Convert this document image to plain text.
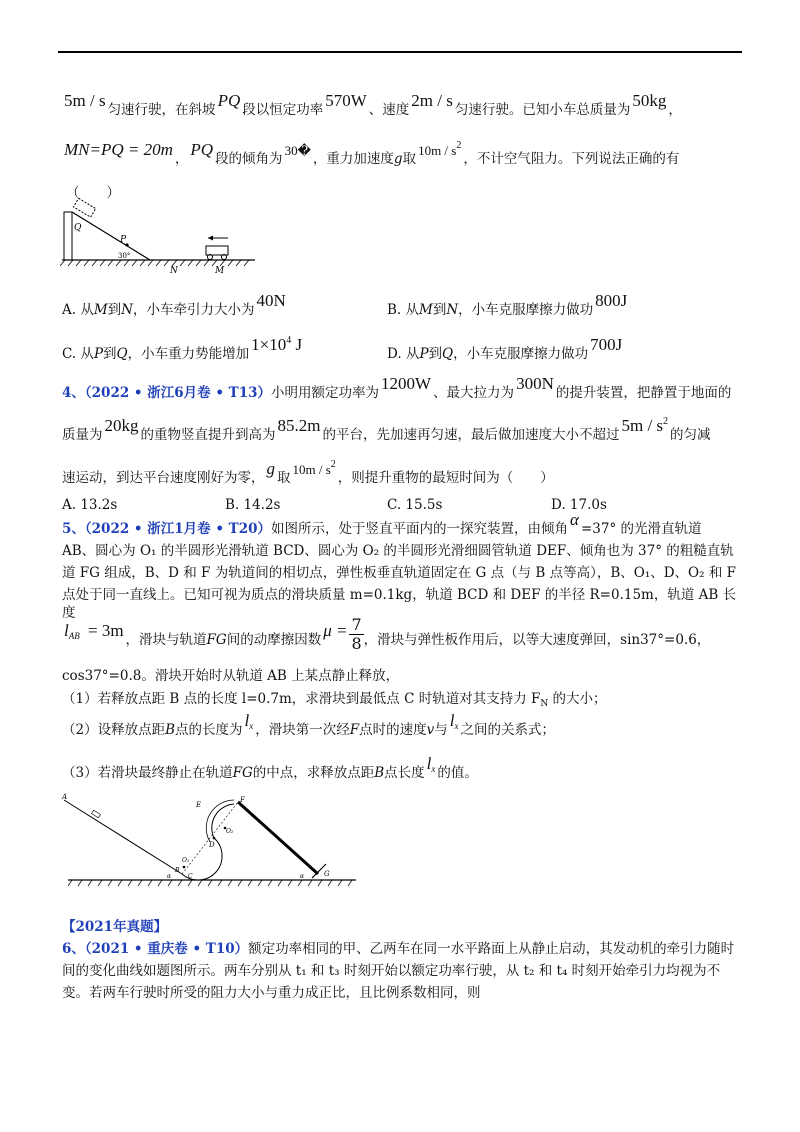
5m / s 匀速行驶，在斜坡 PQ 段以恒定功率 570W 、速度 2m / s 匀速行驶。已知小车总质量为 50kg ，
MN=PQ = 20m ， PQ 段的倾角为30�，重力加速度g取$10m / s^2$，不计空气阻力。下列说法正确的有
（　　）
Q
P
30°
N	M
A. 从M到N，小车牵引力大小为 40N	B. 从M到N，小车克服摩擦力做功 800J
C. 从P到Q，小车重力势能增加 $1\times 10^4$ J	D. 从P到Q，小车克服摩擦力做功 700J
4、（2022 • 浙江6月卷 • T13）小明用额定功率为 1200W 、最大拉力为 300N 的提升装置，把静置于地面的
质量为 20kg 的重物竖直提升到高为 85.2m 的平台，先加速再匀速，最后做加速度大小不超过 $5m / s^2$的匀减
速运动，到达平台速度刚好为零， g 取$10m / s^2$，则提升重物的最短时间为（　　）
A. 13.2s	B. 14.2s	C. 15.5s	D. 17.0s
5、（2022 • 浙江1月卷 • T20）如图所示，处于竖直平面内的一探究装置，由倾角 α =37° 的光滑直轨道
AB、圆心为 O₁ 的半圆形光滑轨道 BCD、圆心为 O₂ 的半圆形光滑细圆管轨道 DEF、倾角也为 37° 的粗糙直轨
道 FG 组成，B、D 和 F 为轨道间的相切点，弹性板垂直轨道固定在 G 点（与 B 点等高），B、O₁、D、O₂ 和 F
点处于同一直线上。已知可视为质点的滑块质量 m=0.1kg，轨道 BCD 和 DEF 的半径 R=0.15m，轨道 AB 长度
$l_{AB} = 3m$ ，滑块与轨道FG间的动摩擦因数 $\mu = \frac{7}{8}$ ，滑块与弹性板作用后，以等大速度弹回，sin37°=0.6，
cos37°=0.8。滑块开始时从轨道 AB 上某点静止释放，
（1）若释放点距 B 点的长度 l=0.7m，求滑块到最低点 C 时轨道对其支持力 $F_N$ 的大小；
（2）设释放点距B点的长度为 $l_x$ ，滑块第一次经F点时的速度v与 $l_x$ 之间的关系式；
（3）若滑块最终静止在轨道FG的中点，求释放点距B点长度 $l_x$ 的值。
A
E
F
O₂
D
O₁
B
C
α	α	G
【2021年真题】
6、（2021 • 重庆卷 • T10）额定功率相同的甲、乙两车在同一水平路面上从静止启动，其发动机的牵引力随时
间的变化曲线如题图所示。两车分别从 t₁ 和 t₃ 时刻开始以额定功率行驶，从 t₂ 和 t₄ 时刻开始牵引力均视为不
变。若两车行驶时所受的阻力大小与重力成正比，且比例系数相同，则
